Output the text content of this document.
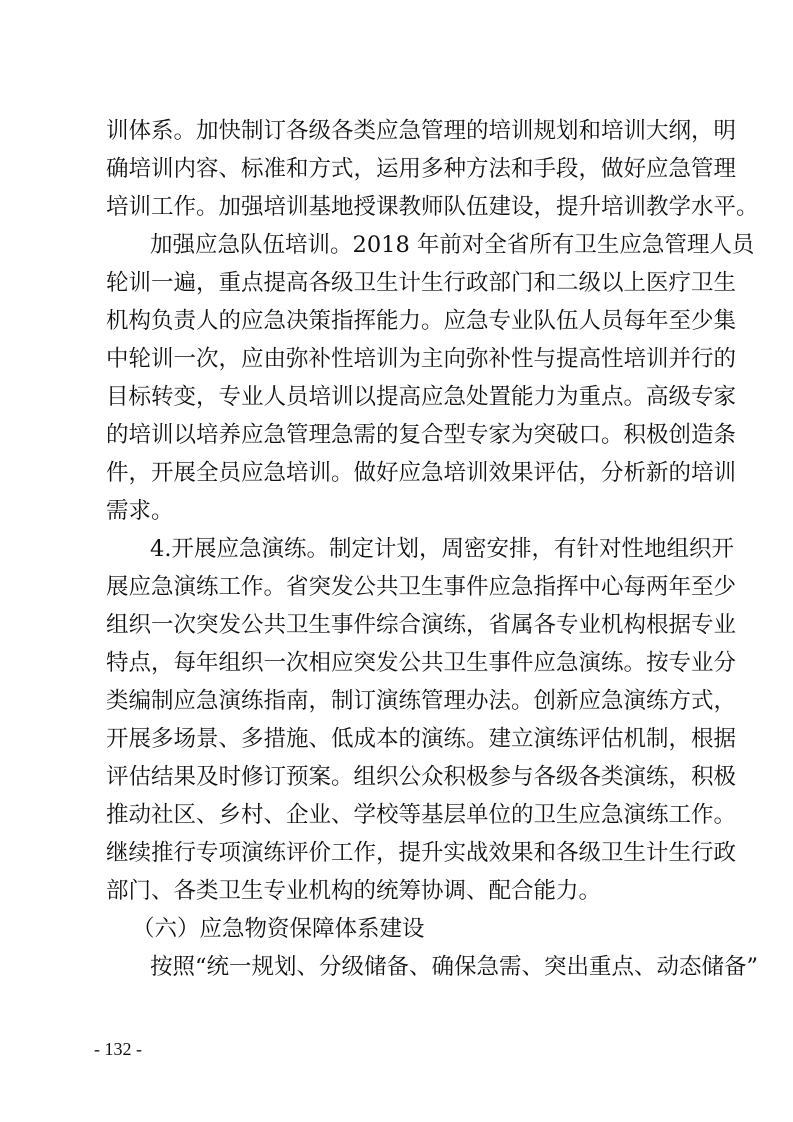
训体系。加快制订各级各类应急管理的培训规划和培训大纲，明
确培训内容、标准和方式，运用多种方法和手段，做好应急管理
培训工作。加强培训基地授课教师队伍建设，提升培训教学水平。
加强应急队伍培训。2018 年前对全省所有卫生应急管理人员
轮训一遍，重点提高各级卫生计生行政部门和二级以上医疗卫生
机构负责人的应急决策指挥能力。应急专业队伍人员每年至少集
中轮训一次，应由弥补性培训为主向弥补性与提高性培训并行的
目标转变，专业人员培训以提高应急处置能力为重点。高级专家
的培训以培养应急管理急需的复合型专家为突破口。积极创造条
件，开展全员应急培训。做好应急培训效果评估，分析新的培训
需求。
4.开展应急演练。制定计划，周密安排，有针对性地组织开
展应急演练工作。省突发公共卫生事件应急指挥中心每两年至少
组织一次突发公共卫生事件综合演练，省属各专业机构根据专业
特点，每年组织一次相应突发公共卫生事件应急演练。按专业分
类编制应急演练指南，制订演练管理办法。创新应急演练方式，
开展多场景、多措施、低成本的演练。建立演练评估机制，根据
评估结果及时修订预案。组织公众积极参与各级各类演练，积极
推动社区、乡村、企业、学校等基层单位的卫生应急演练工作。
继续推行专项演练评价工作，提升实战效果和各级卫生计生行政
部门、各类卫生专业机构的统筹协调、配合能力。
（六）应急物资保障体系建设
按照“统一规划、分级储备、确保急需、突出重点、动态储备”
- 132 -
